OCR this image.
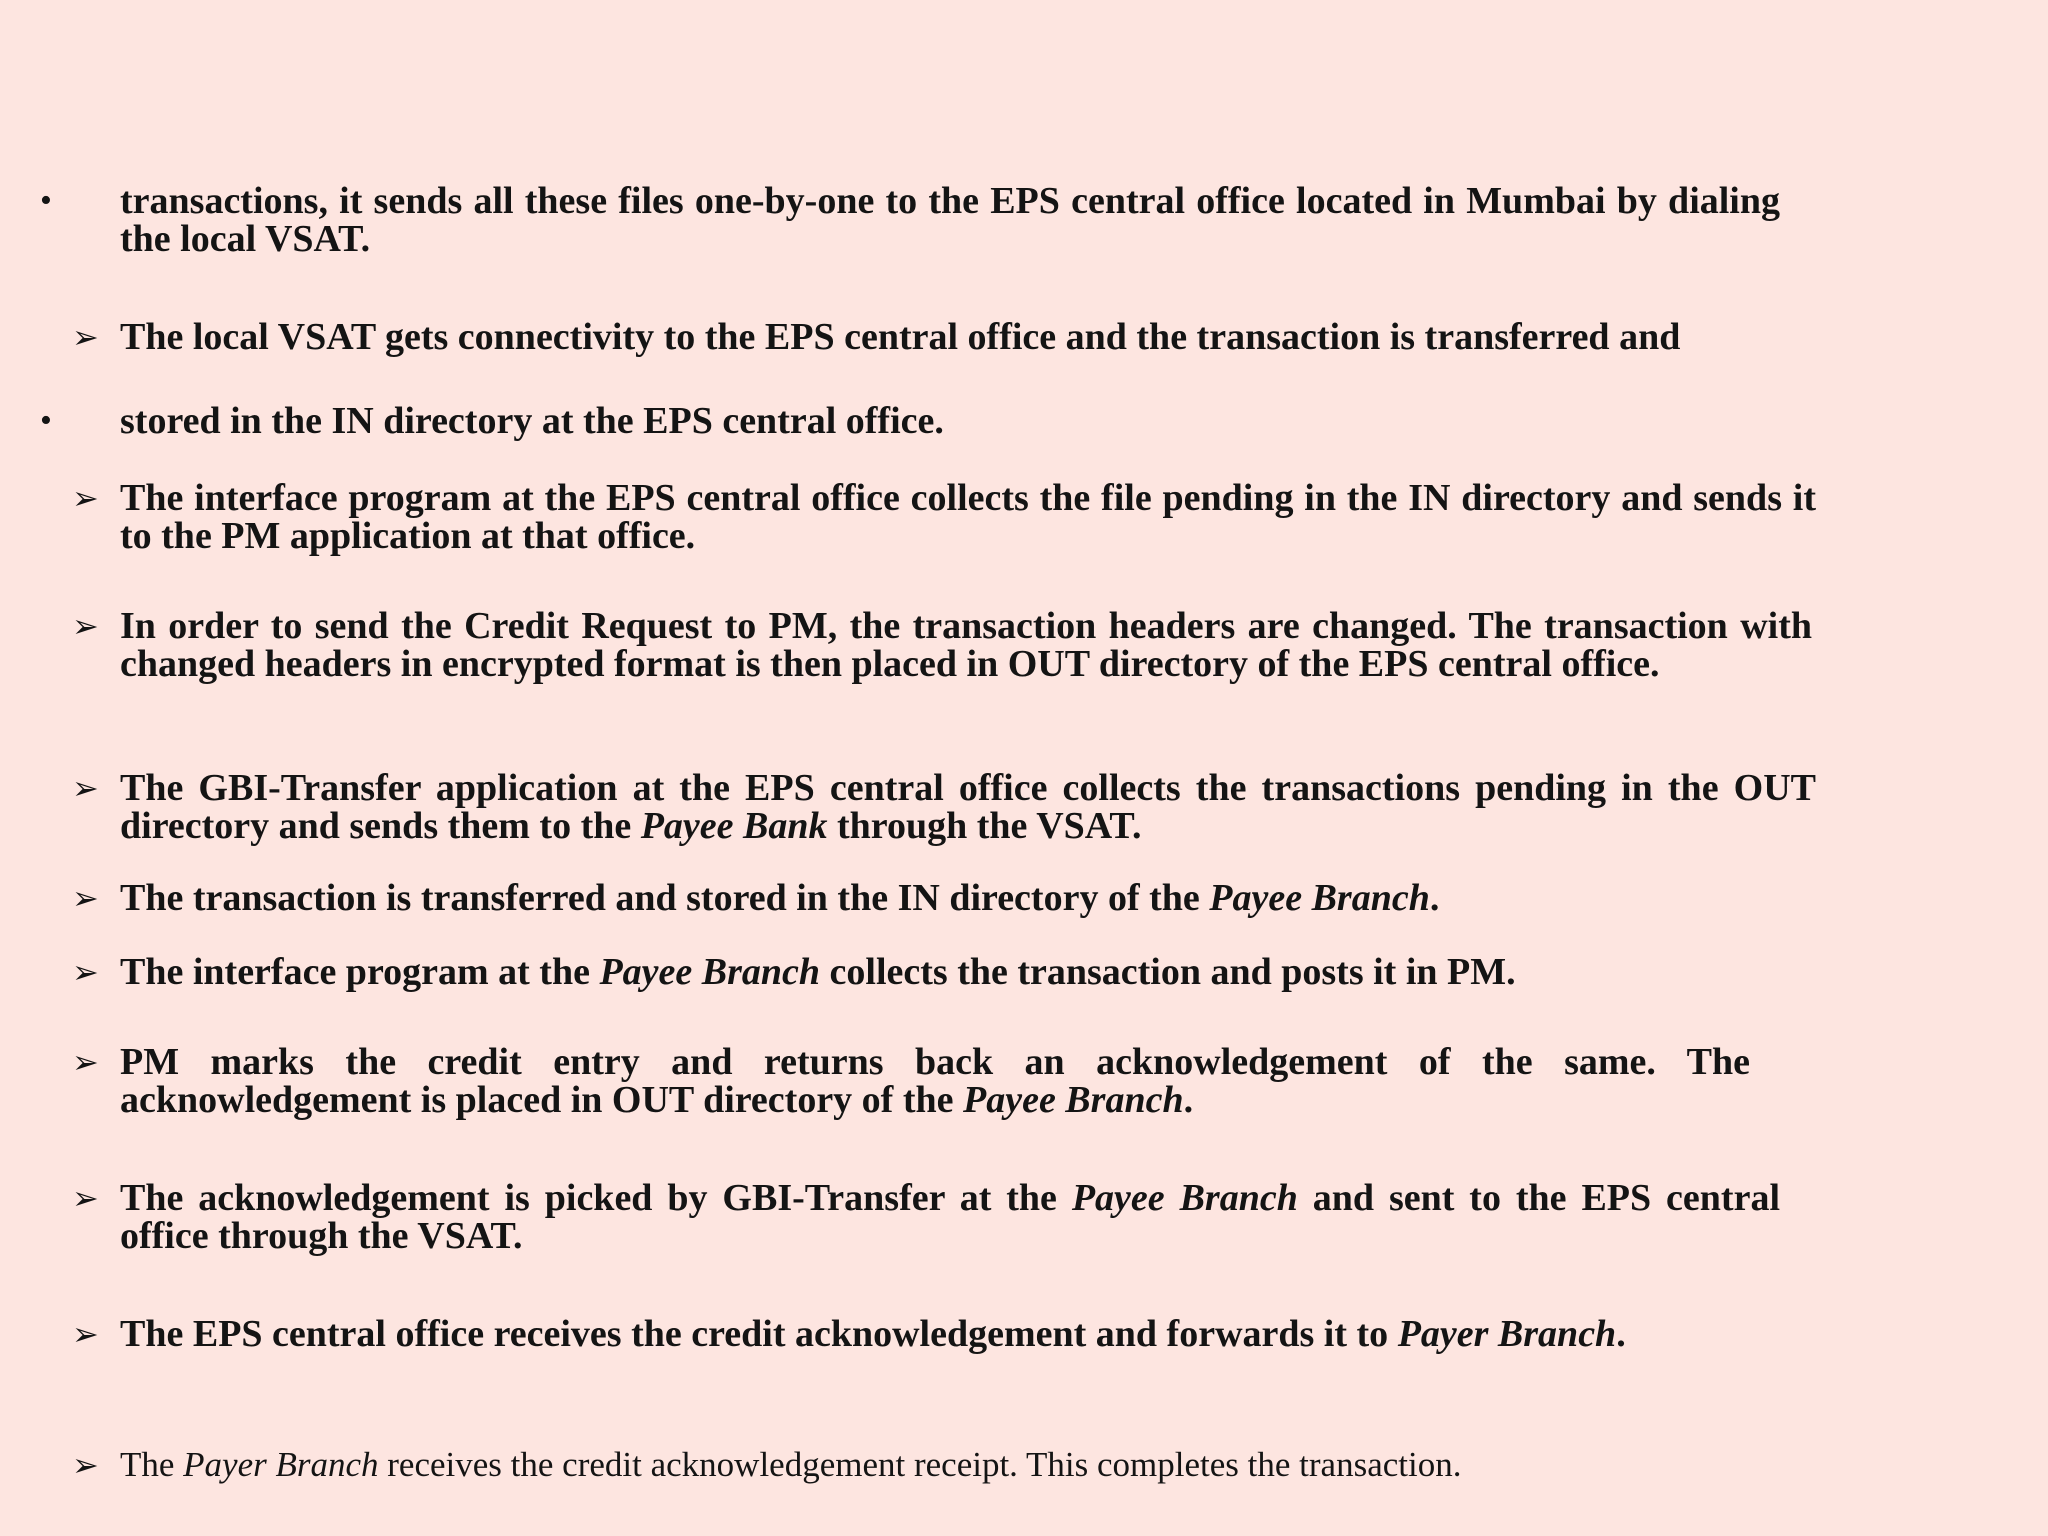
• transactions, it sends all these files one-by-one to the EPS central office located in Mumbai by dialing the local VSAT.
➢ The local VSAT gets connectivity to the EPS central office and the transaction is transferred and
• stored in the IN directory at the EPS central office.
➢ The interface program at the EPS central office collects the file pending in the IN directory and sends it to the PM application at that office.
➢ In order to send the Credit Request to PM, the transaction headers are changed. The transaction with changed headers in encrypted format is then placed in OUT directory of the EPS central office.
➢ The GBI-Transfer application at the EPS central office collects the transactions pending in the OUT directory and sends them to the Payee Bank through the VSAT.
➢ The transaction is transferred and stored in the IN directory of the Payee Branch.
➢ The interface program at the Payee Branch collects the transaction and posts it in PM.
➢ PM marks the credit entry and returns back an acknowledgement of the same. The acknowledgement is placed in OUT directory of the Payee Branch.
➢ The acknowledgement is picked by GBI-Transfer at the Payee Branch and sent to the EPS central office through the VSAT.
➢ The EPS central office receives the credit acknowledgement and forwards it to Payer Branch.
➢ The Payer Branch receives the credit acknowledgement receipt. This completes the transaction.
